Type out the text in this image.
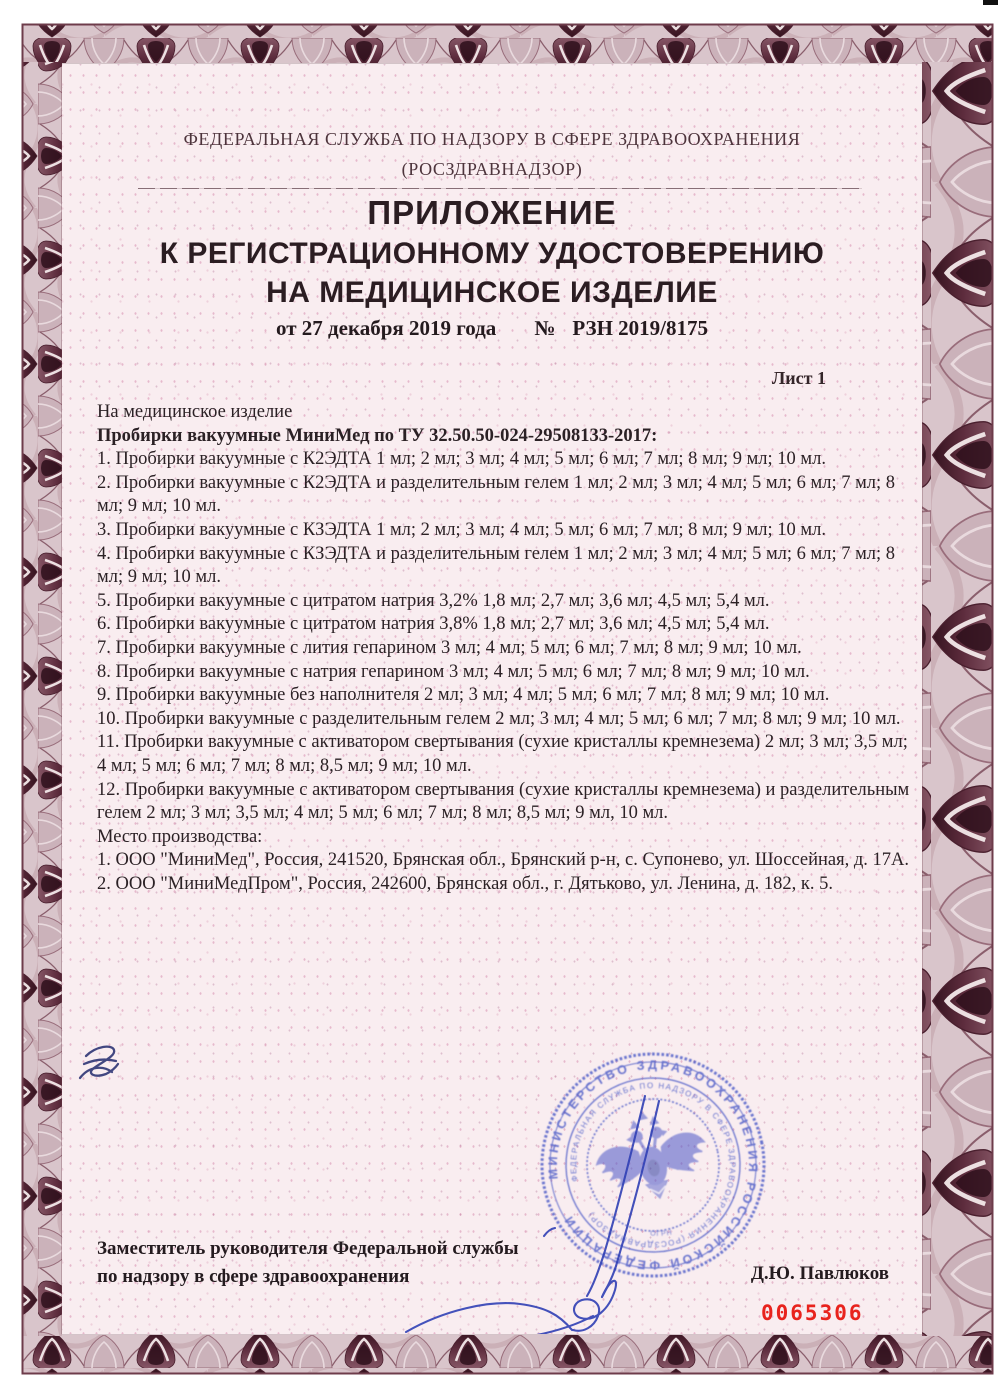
ФЕДЕРАЛЬНАЯ СЛУЖБА ПО НАДЗОРУ В СФЕРЕ ЗДРАВООХРАНЕНИЯ
(РОСЗДРАВНАДЗОР)
ПРИЛОЖЕНИЕ
К РЕГИСТРАЦИОННОМУ УДОСТОВЕРЕНИЮ
НА МЕДИЦИНСКОЕ ИЗДЕЛИЕ
от 27 декабря 2019 года № РЗН 2019/8175
Лист 1

На медицинское изделие

Пробирки вакуумные МиниМед по ТУ 32.50.50-024-29508133-2017:

1. Пробирки вакуумные с К2ЭДТА 1 мл; 2 мл; 3 мл; 4 мл; 5 мл; 6 мл; 7 мл; 8 мл; 9 мл; 10 мл.

2. Пробирки вакуумные с К2ЭДТА и разделительным гелем 1 мл; 2 мл; 3 мл; 4 мл; 5 мл; 6 мл; 7 мл; 8 мл; 9 мл; 10 мл.

3. Пробирки вакуумные с КЗЭДТА 1 мл; 2 мл; 3 мл; 4 мл; 5 мл; 6 мл; 7 мл; 8 мл; 9 мл; 10 мл.

4. Пробирки вакуумные с КЗЭДТА и разделительным гелем 1 мл; 2 мл; 3 мл; 4 мл; 5 мл; 6 мл; 7 мл; 8 мл; 9 мл; 10 мл.

5. Пробирки вакуумные с цитратом натрия 3,2% 1,8 мл; 2,7 мл; 3,6 мл; 4,5 мл; 5,4 мл.

6. Пробирки вакуумные с цитратом натрия 3,8% 1,8 мл; 2,7 мл; 3,6 мл; 4,5 мл; 5,4 мл.

7. Пробирки вакуумные с лития гепарином 3 мл; 4 мл; 5 мл; 6 мл; 7 мл; 8 мл; 9 мл; 10 мл.

8. Пробирки вакуумные с натрия гепарином 3 мл; 4 мл; 5 мл; 6 мл; 7 мл; 8 мл; 9 мл; 10 мл.

9. Пробирки вакуумные без наполнителя 2 мл; 3 мл; 4 мл; 5 мл; 6 мл; 7 мл; 8 мл; 9 мл; 10 мл.

10. Пробирки вакуумные с разделительным гелем 2 мл; 3 мл; 4 мл; 5 мл; 6 мл; 7 мл; 8 мл; 9 мл; 10 мл.

11. Пробирки вакуумные с активатором свертывания (сухие кристаллы кремнезема) 2 мл; 3 мл; 3,5 мл; 4 мл; 5 мл; 6 мл; 7 мл; 8 мл; 8,5 мл; 9 мл; 10 мл.

12. Пробирки вакуумные с активатором свертывания (сухие кристаллы кремнезема) и разделительным гелем 2 мл; 3 мл; 3,5 мл; 4 мл; 5 мл; 6 мл; 7 мл; 8 мл; 8,5 мл; 9 мл, 10 мл.

Место производства:

1. ООО "МиниМед", Россия, 241520, Брянская обл., Брянский р-н, с. Супонево, ул. Шоссейная, д. 17А.

2. ООО "МиниМедПром", Россия, 242600, Брянская обл., г. Дятьково, ул. Ленина, д. 182, к. 5.

МИНИСТЕРСТВО ЗДРАВООХРАНЕНИЯ РОССИЙСКОЙ ФЕДЕРАЦИИ
ФЕДЕРАЛЬНАЯ СЛУЖБА ПО НАДЗОРУ В СФЕРЕ ЗДРАВООХРАНЕНИЯ (РОСЗДРАВНАДЗОР)
ОГРН
Заместитель руководителя Федеральной службы
по надзору в сфере здравоохранения	Д.Ю. Павлюков
0065306
